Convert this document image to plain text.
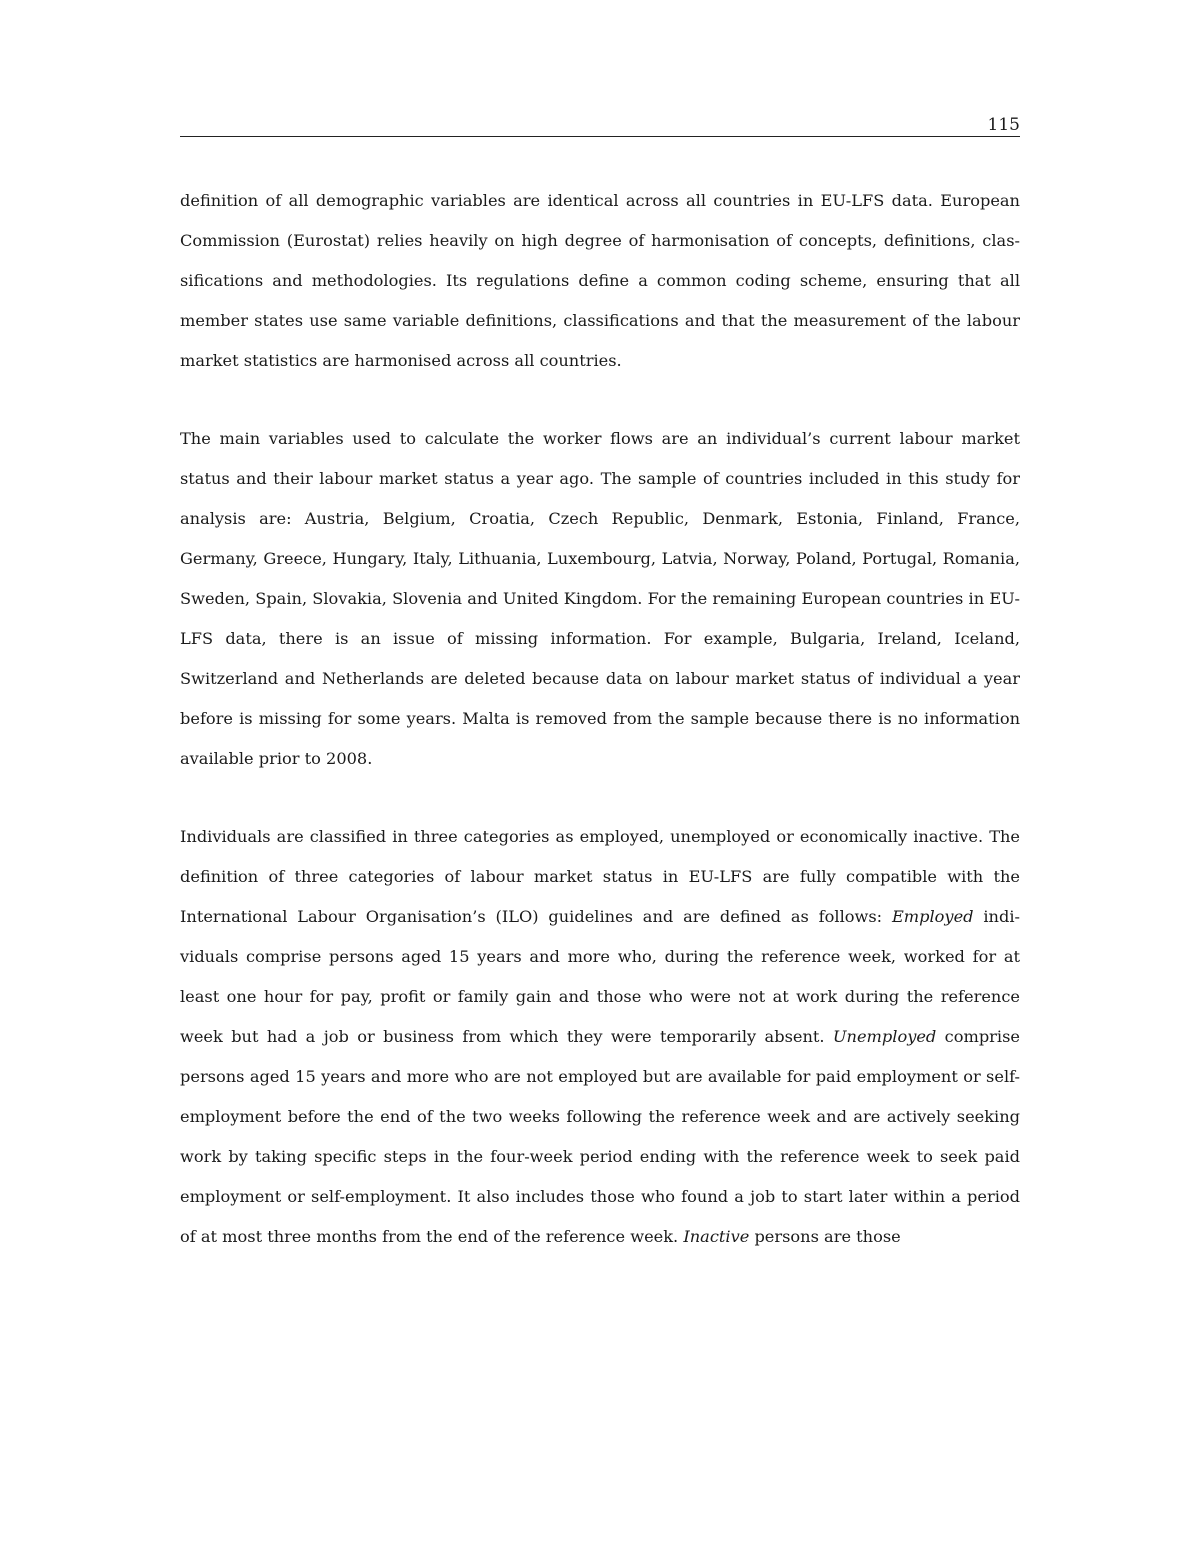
115

definition of all demographic variables are identical across all countries in EU-LFS data. European Commission (Eurostat) relies heavily on high degree of harmonisation of concepts, definitions, classifications and methodologies. Its regulations define a common coding scheme, ensuring that all member states use same variable definitions, classifications and that the measurement of the labour market statistics are harmonised across all countries.

The main variables used to calculate the worker flows are an individual’s current labour market status and their labour market status a year ago. The sample of countries included in this study for analysis are: Austria, Belgium, Croatia, Czech Republic, Denmark, Estonia, Finland, France, Germany, Greece, Hungary, Italy, Lithuania, Luxembourg, Latvia, Norway, Poland, Portugal, Romania, Sweden, Spain, Slovakia, Slovenia and United Kingdom. For the remaining European countries in EU-LFS data, there is an issue of missing information. For example, Bulgaria, Ireland, Iceland, Switzerland and Netherlands are deleted because data on labour market status of individual a year before is missing for some years. Malta is removed from the sample because there is no information available prior to 2008.

Individuals are classified in three categories as employed, unemployed or economically inactive. The definition of three categories of labour market status in EU-LFS are fully compatible with the International Labour Organisation’s (ILO) guidelines and are defined as follows: Employed individuals comprise persons aged 15 years and more who, during the reference week, worked for at least one hour for pay, profit or family gain and those who were not at work during the reference week but had a job or business from which they were temporarily absent. Unemployed comprise persons aged 15 years and more who are not employed but are available for paid employment or self-employment before the end of the two weeks following the reference week and are actively seeking work by taking specific steps in the four-week period ending with the reference week to seek paid employment or self-employment. It also includes those who found a job to start later within a period of at most three months from the end of the reference week. Inactive persons are those
